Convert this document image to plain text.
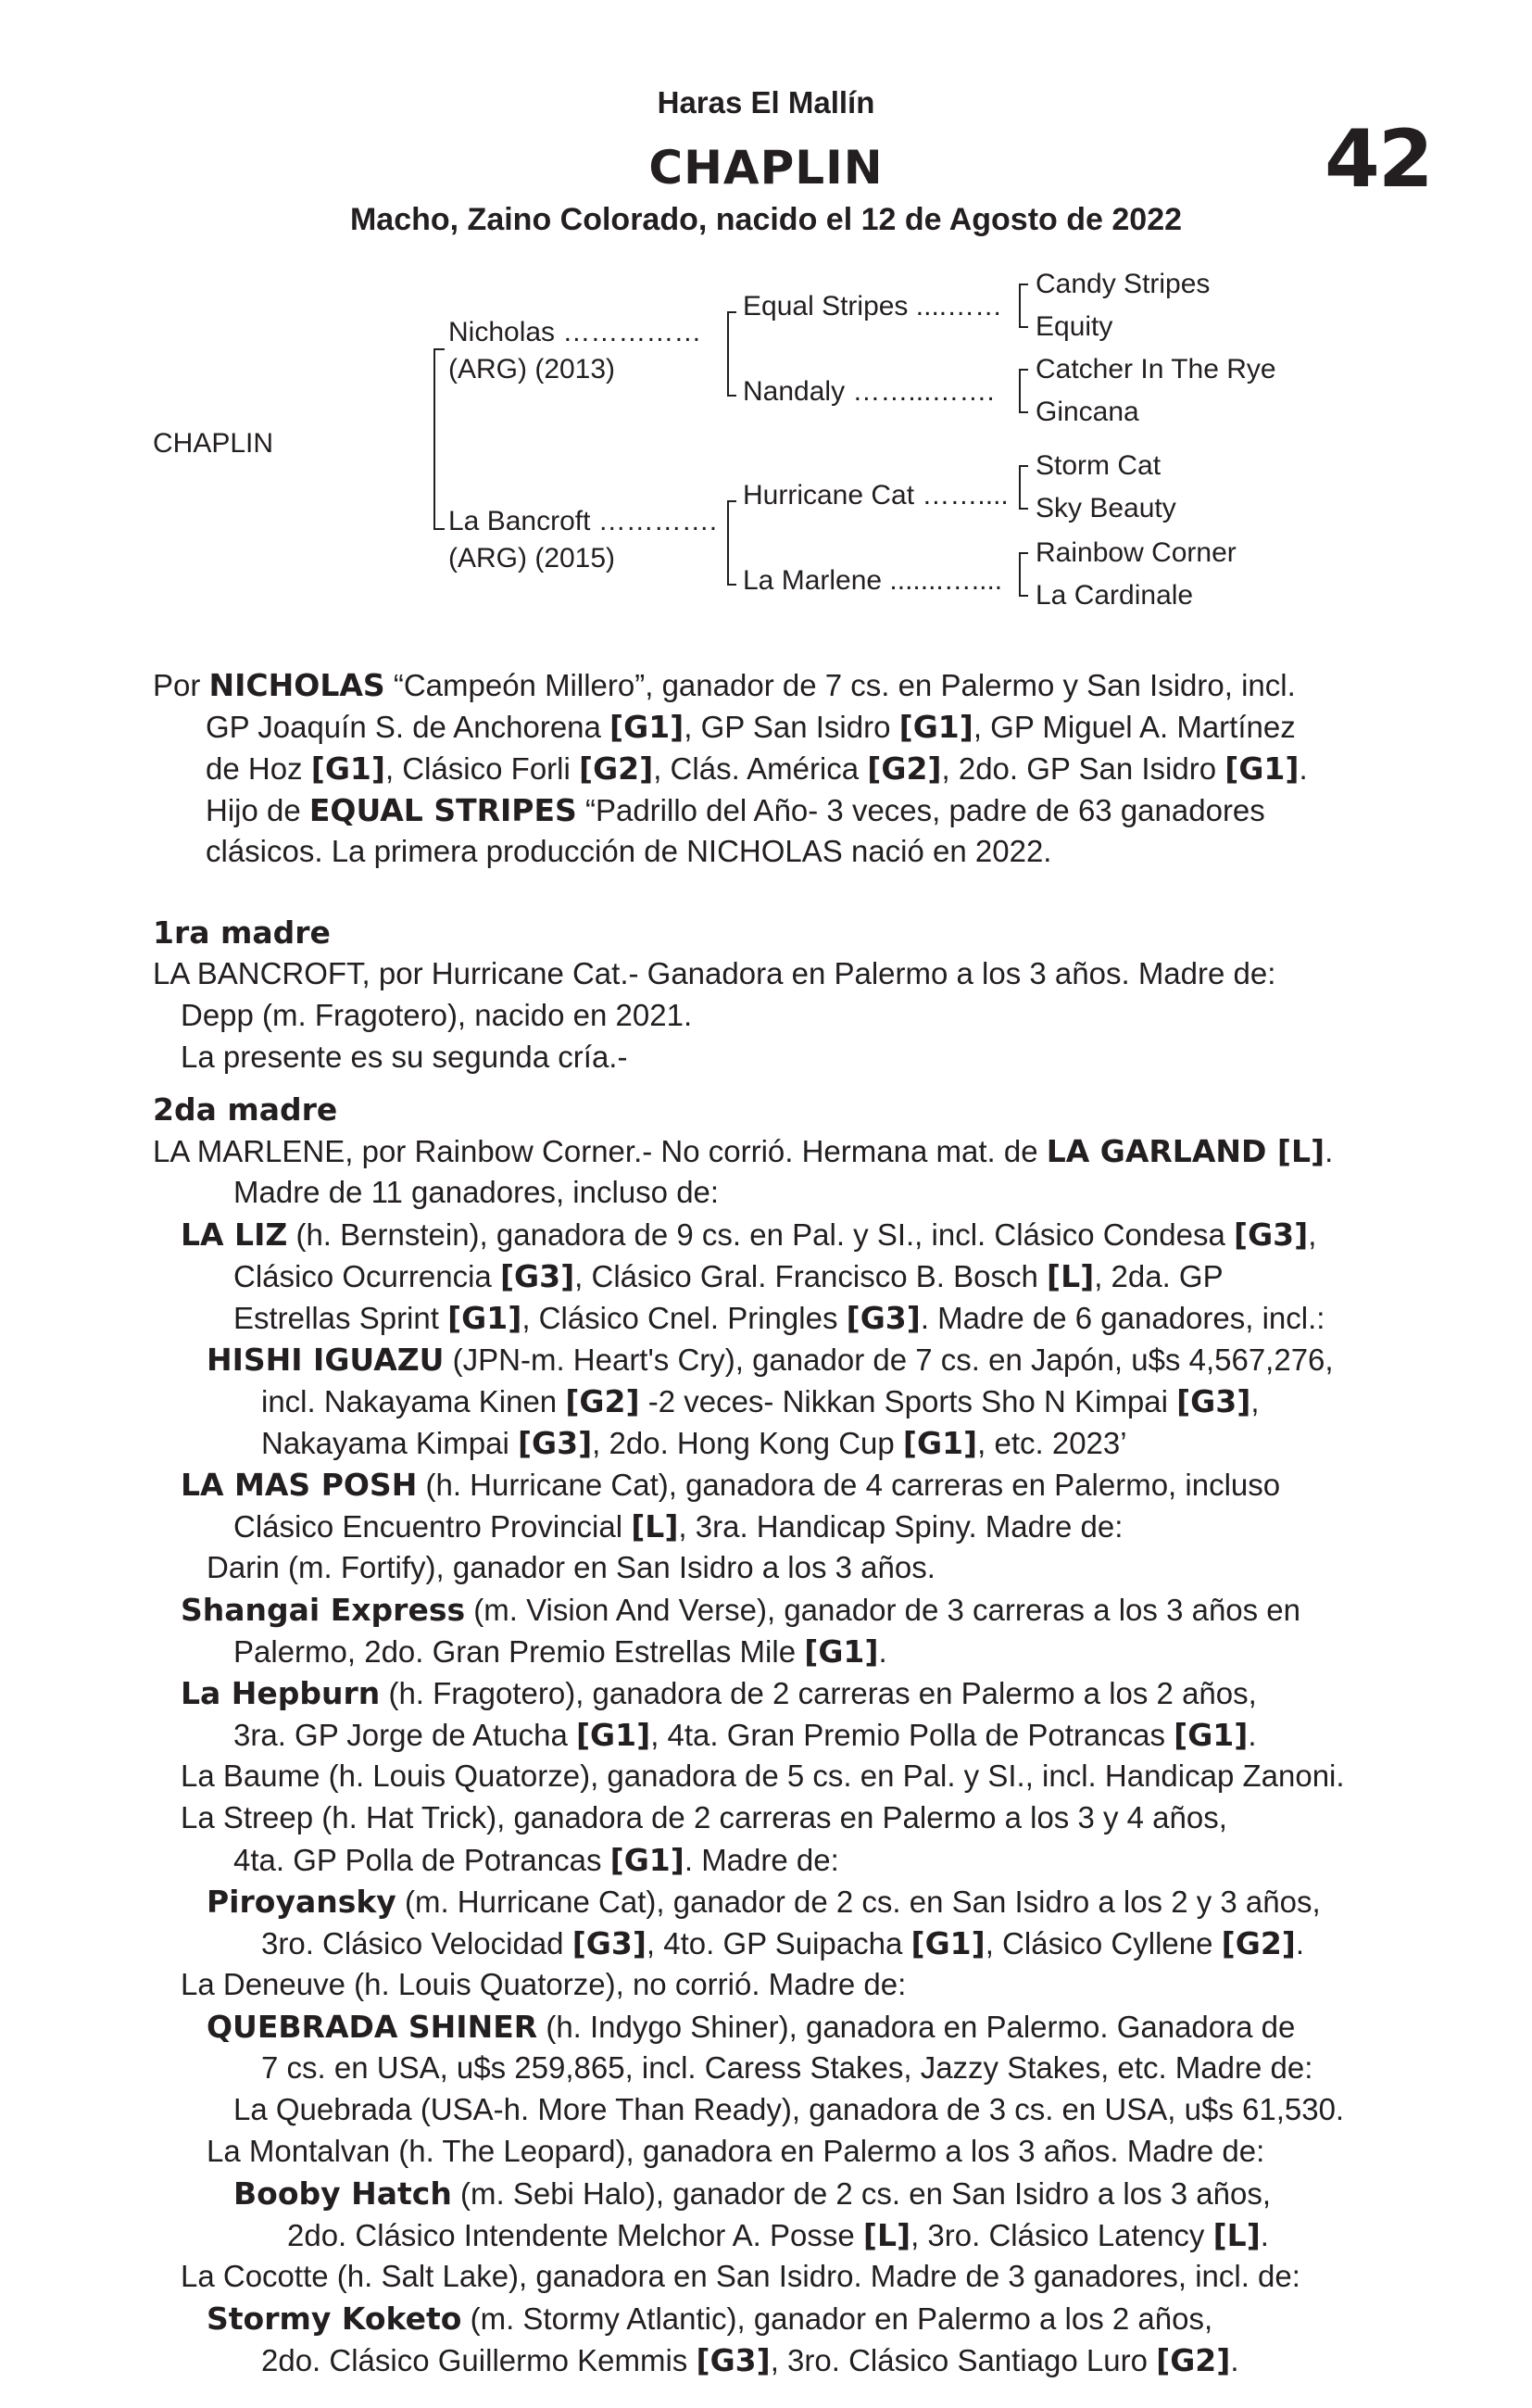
Haras El Mallín
CHAPLIN	42
Macho, Zaino Colorado, nacido el 12 de Agosto de 2022
CHAPLIN
Nicholas ……………
(ARG) (2013)
La Bancroft ………….
(ARG) (2015)
Equal Stripes ....……
Nandaly ……...…….
Hurricane Cat ……....
La Marlene .......…....
Candy Stripes
Equity
Catcher In The Rye
Gincana
Storm Cat
Sky Beauty
Rainbow Corner
La Cardinale
Por NICHOLAS “Campeón Millero”, ganador de 7 cs. en Palermo y San Isidro, incl.
GP Joaquín S. de Anchorena [G1], GP San Isidro [G1], GP Miguel A. Martínez
de Hoz [G1], Clásico Forli [G2], Clás. América [G2], 2do. GP San Isidro [G1].
Hijo de EQUAL STRIPES “Padrillo del Año- 3 veces, padre de 63 ganadores
clásicos. La primera producción de NICHOLAS nació en 2022.
1ra madre
LA BANCROFT, por Hurricane Cat.- Ganadora en Palermo a los 3 años. Madre de:
Depp (m. Fragotero), nacido en 2021.
La presente es su segunda cría.-
2da madre
LA MARLENE, por Rainbow Corner.- No corrió. Hermana mat. de LA GARLAND [L].
Madre de 11 ganadores, incluso de:
LA LIZ (h. Bernstein), ganadora de 9 cs. en Pal. y SI., incl. Clásico Condesa [G3],
Clásico Ocurrencia [G3], Clásico Gral. Francisco B. Bosch [L], 2da. GP
Estrellas Sprint [G1], Clásico Cnel. Pringles [G3]. Madre de 6 ganadores, incl.:
HISHI IGUAZU (JPN-m. Heart's Cry), ganador de 7 cs. en Japón, u$s 4,567,276,
incl. Nakayama Kinen [G2] -2 veces- Nikkan Sports Sho N Kimpai [G3],
Nakayama Kimpai [G3], 2do. Hong Kong Cup [G1], etc. 2023’
LA MAS POSH (h. Hurricane Cat), ganadora de 4 carreras en Palermo, incluso
Clásico Encuentro Provincial [L], 3ra. Handicap Spiny. Madre de:
Darin (m. Fortify), ganador en San Isidro a los 3 años.
Shangai Express (m. Vision And Verse), ganador de 3 carreras a los 3 años en
Palermo, 2do. Gran Premio Estrellas Mile [G1].
La Hepburn (h. Fragotero), ganadora de 2 carreras en Palermo a los 2 años,
3ra. GP Jorge de Atucha [G1], 4ta. Gran Premio Polla de Potrancas [G1].
La Baume (h. Louis Quatorze), ganadora de 5 cs. en Pal. y SI., incl. Handicap Zanoni.
La Streep (h. Hat Trick), ganadora de 2 carreras en Palermo a los 3 y 4 años,
4ta. GP Polla de Potrancas [G1]. Madre de:
Piroyansky (m. Hurricane Cat), ganador de 2 cs. en San Isidro a los 2 y 3 años,
3ro. Clásico Velocidad [G3], 4to. GP Suipacha [G1], Clásico Cyllene [G2].
La Deneuve (h. Louis Quatorze), no corrió. Madre de:
QUEBRADA SHINER (h. Indygo Shiner), ganadora en Palermo. Ganadora de
7 cs. en USA, u$s 259,865, incl. Caress Stakes, Jazzy Stakes, etc. Madre de:
La Quebrada (USA-h. More Than Ready), ganadora de 3 cs. en USA, u$s 61,530.
La Montalvan (h. The Leopard), ganadora en Palermo a los 3 años. Madre de:
Booby Hatch (m. Sebi Halo), ganador de 2 cs. en San Isidro a los 3 años,
2do. Clásico Intendente Melchor A. Posse [L], 3ro. Clásico Latency [L].
La Cocotte (h. Salt Lake), ganadora en San Isidro. Madre de 3 ganadores, incl. de:
Stormy Koketo (m. Stormy Atlantic), ganador en Palermo a los 2 años,
2do. Clásico Guillermo Kemmis [G3], 3ro. Clásico Santiago Luro [G2].
